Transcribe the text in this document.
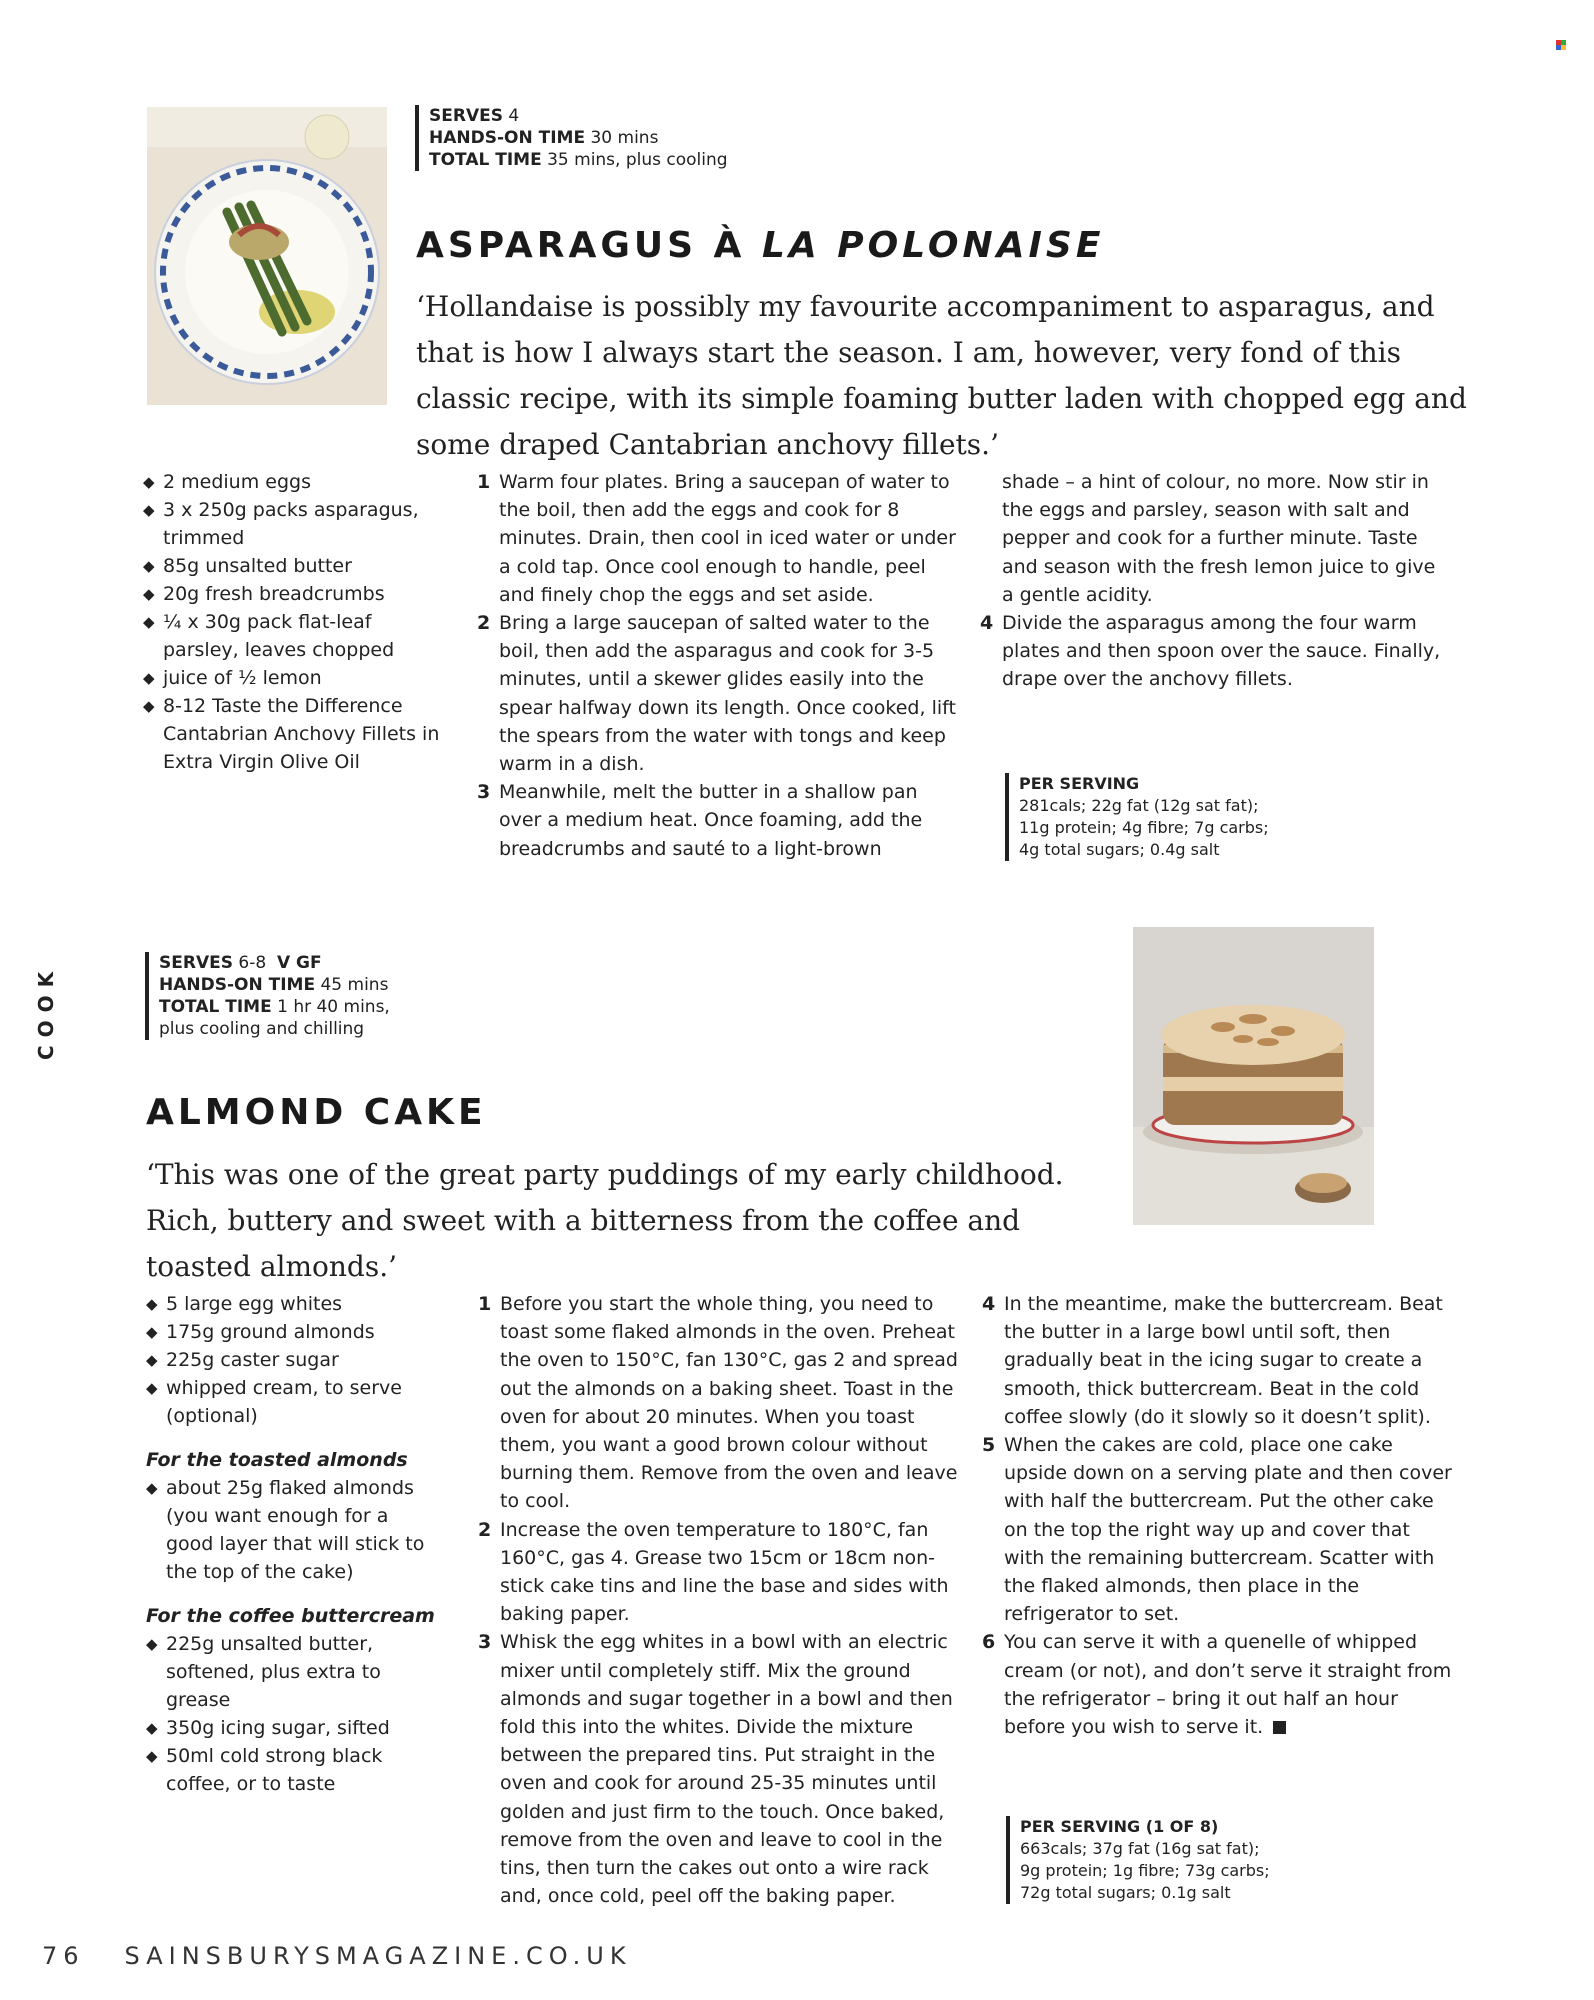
SERVES 4
HANDS-ON TIME 30 mins
TOTAL TIME 35 mins, plus cooling
ASPARAGUS À LA POLONAISE
‘Hollandaise is possibly my favourite accompaniment to asparagus, and that is how I always start the season. I am, however, very fond of this classic recipe, with its simple foaming butter laden with chopped egg and some draped Cantabrian anchovy fillets.’
◆ 2 medium eggs
◆ 3 x 250g packs asparagus, trimmed
◆ 85g unsalted butter
◆ 20g fresh breadcrumbs
◆ ¼ x 30g pack flat-leaf parsley, leaves chopped
◆ juice of ½ lemon
◆ 8-12 Taste the Difference Cantabrian Anchovy Fillets in Extra Virgin Olive Oil
1 Warm four plates. Bring a saucepan of water to the boil, then add the eggs and cook for 8 minutes. Drain, then cool in iced water or under a cold tap. Once cool enough to handle, peel and finely chop the eggs and set aside.
2 Bring a large saucepan of salted water to the boil, then add the asparagus and cook for 3-5 minutes, until a skewer glides easily into the spear halfway down its length. Once cooked, lift the spears from the water with tongs and keep warm in a dish.
3 Meanwhile, melt the butter in a shallow pan over a medium heat. Once foaming, add the breadcrumbs and sauté to a light-brown
shade – a hint of colour, no more. Now stir in the eggs and parsley, season with salt and pepper and cook for a further minute. Taste and season with the fresh lemon juice to give a gentle acidity.
4 Divide the asparagus among the four warm plates and then spoon over the sauce. Finally, drape over the anchovy fillets.
PER SERVING
281cals; 22g fat (12g sat fat);
11g protein; 4g fibre; 7g carbs;
4g total sugars; 0.4g salt
COOK
SERVES 6-8 V GF
HANDS-ON TIME 45 mins
TOTAL TIME 1 hr 40 mins,
plus cooling and chilling
ALMOND CAKE
‘This was one of the great party puddings of my early childhood. Rich, buttery and sweet with a bitterness from the coffee and toasted almonds.’
◆ 5 large egg whites
◆ 175g ground almonds
◆ 225g caster sugar
◆ whipped cream, to serve (optional)
For the toasted almonds
◆ about 25g flaked almonds (you want enough for a good layer that will stick to the top of the cake)
For the coffee buttercream
◆ 225g unsalted butter, softened, plus extra to grease
◆ 350g icing sugar, sifted
◆ 50ml cold strong black coffee, or to taste
1 Before you start the whole thing, you need to toast some flaked almonds in the oven. Preheat the oven to 150°C, fan 130°C, gas 2 and spread out the almonds on a baking sheet. Toast in the oven for about 20 minutes. When you toast them, you want a good brown colour without burning them. Remove from the oven and leave to cool.
2 Increase the oven temperature to 180°C, fan 160°C, gas 4. Grease two 15cm or 18cm non-stick cake tins and line the base and sides with baking paper.
3 Whisk the egg whites in a bowl with an electric mixer until completely stiff. Mix the ground almonds and sugar together in a bowl and then fold this into the whites. Divide the mixture between the prepared tins. Put straight in the oven and cook for around 25-35 minutes until golden and just firm to the touch. Once baked, remove from the oven and leave to cool in the tins, then turn the cakes out onto a wire rack and, once cold, peel off the baking paper.
4 In the meantime, make the buttercream. Beat the butter in a large bowl until soft, then gradually beat in the icing sugar to create a smooth, thick buttercream. Beat in the cold coffee slowly (do it slowly so it doesn’t split).
5 When the cakes are cold, place one cake upside down on a serving plate and then cover with half the buttercream. Put the other cake on the top the right way up and cover that with the remaining buttercream. Scatter with the flaked almonds, then place in the refrigerator to set.
6 You can serve it with a quenelle of whipped cream (or not), and don’t serve it straight from the refrigerator – bring it out half an hour before you wish to serve it.
PER SERVING (1 OF 8)
663cals; 37g fat (16g sat fat);
9g protein; 1g fibre; 73g carbs;
72g total sugars; 0.1g salt
76 SAINSBURYSMAGAZINE.CO.UK
